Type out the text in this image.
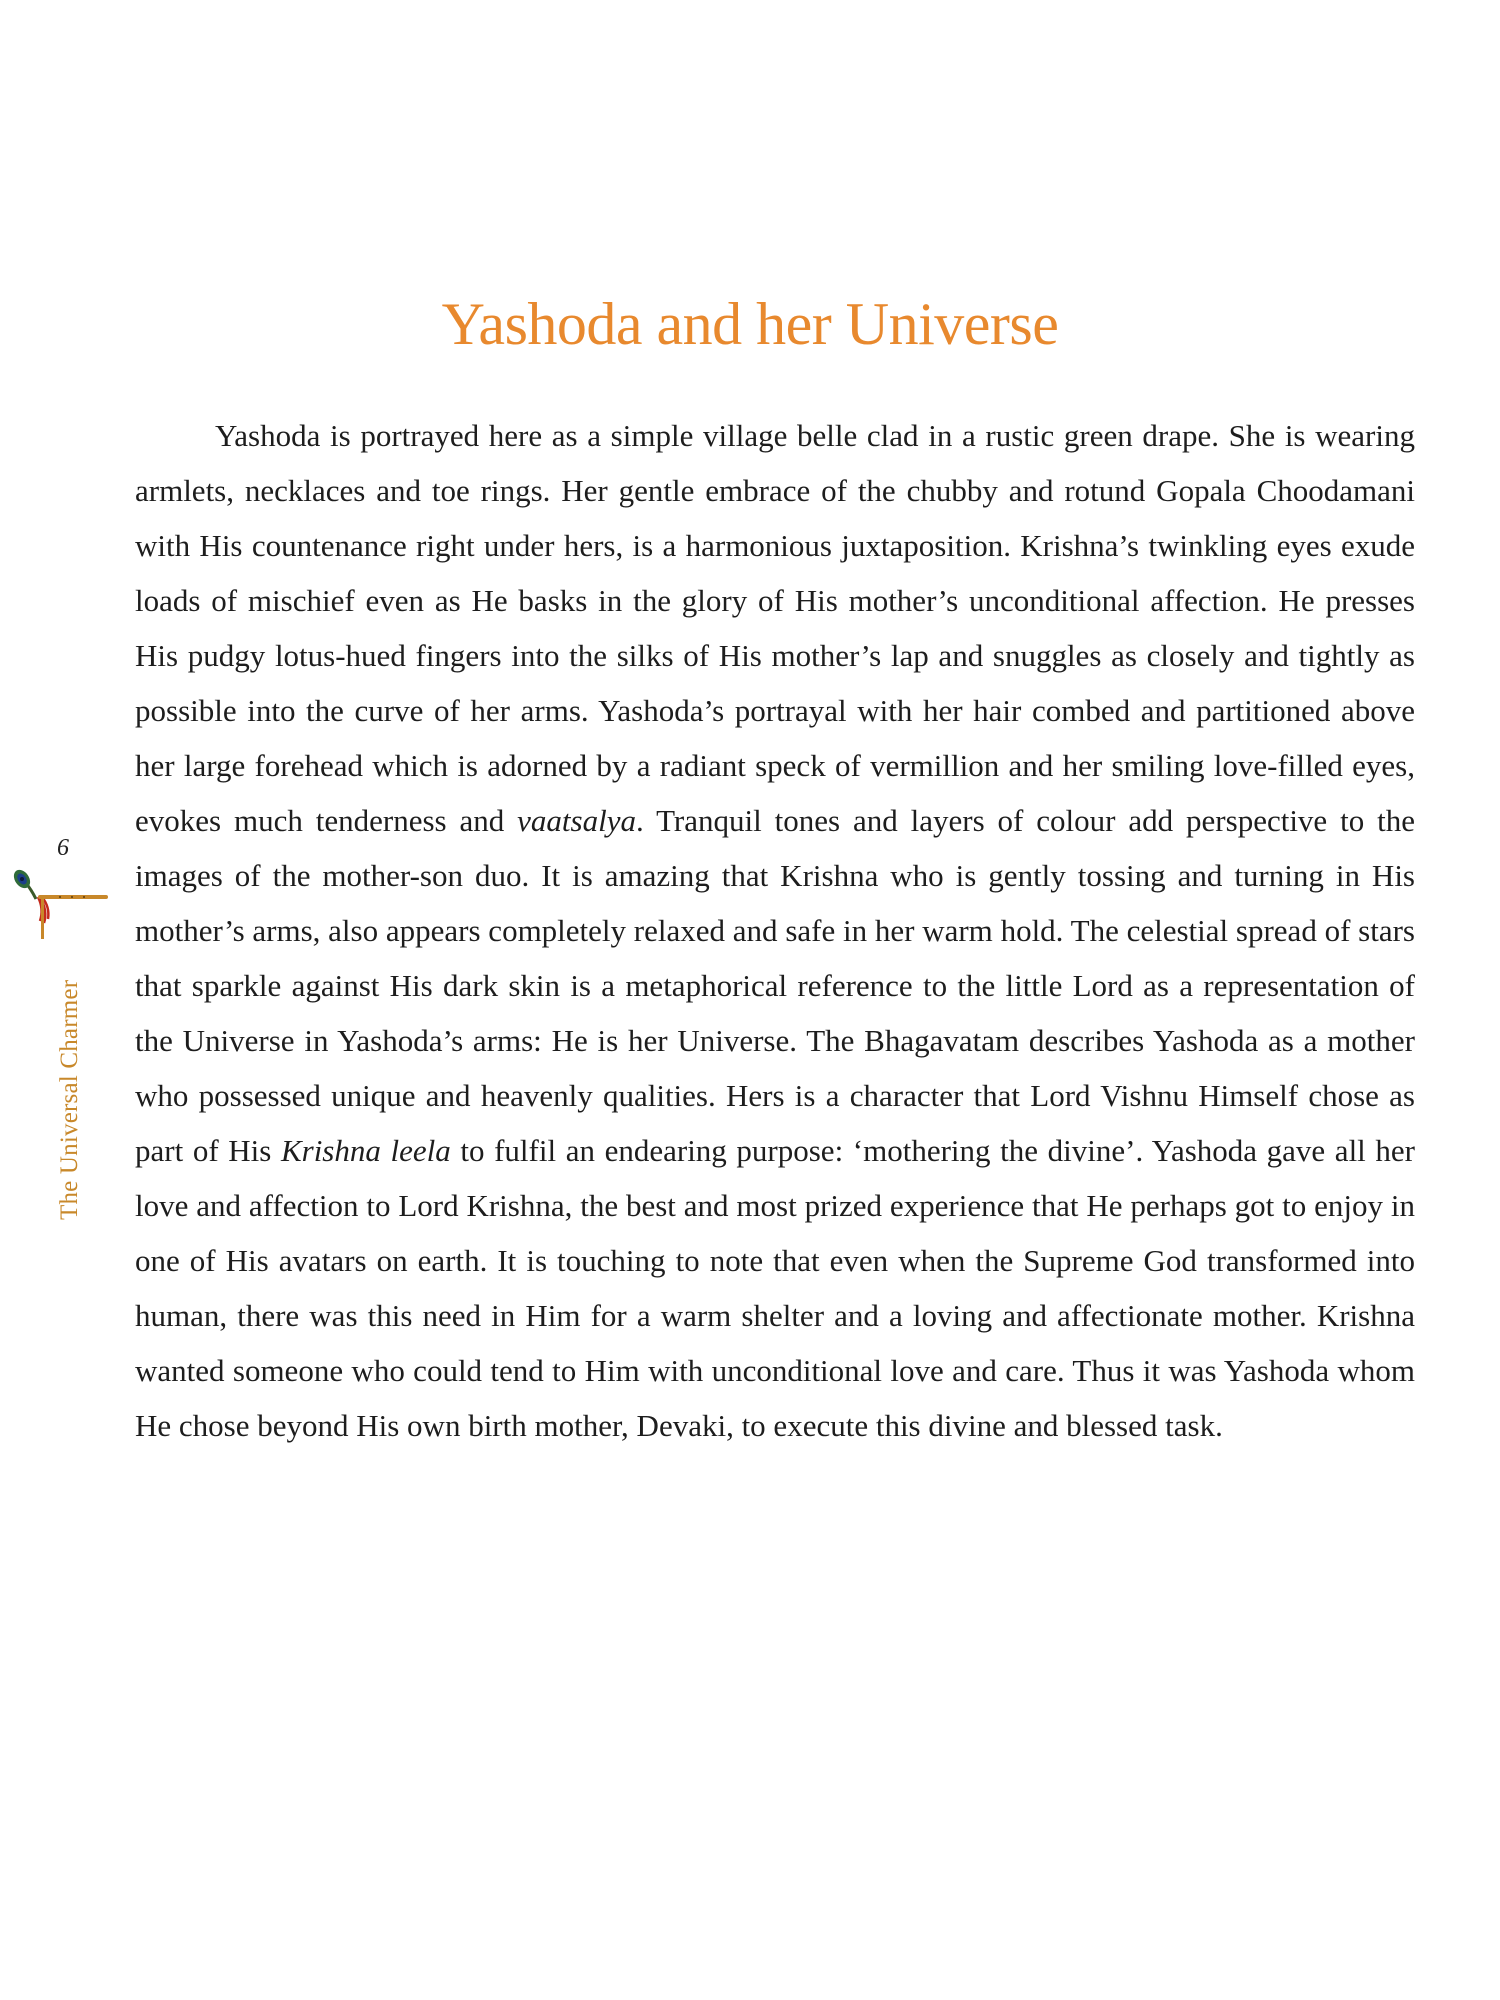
Yashoda and her Universe

Yashoda is portrayed here as a simple village belle clad in a rustic green drape. She is wearing armlets, necklaces and toe rings. Her gentle embrace of the chubby and rotund Gopala Choodamani with His countenance right under hers, is a harmonious juxtaposition. Krishna’s twinkling eyes exude loads of mischief even as He basks in the glory of His mother’s unconditional affection. He presses His pudgy lotus-hued fingers into the silks of His mother’s lap and snuggles as closely and tightly as possible into the curve of her arms. Yashoda’s portrayal with her hair combed and partitioned above her large forehead which is adorned by a radiant speck of vermillion and her smiling love-filled eyes, evokes much tenderness and vaatsalya. Tranquil tones and layers of colour add perspective to the images of the mother-son duo. It is amazing that Krishna who is gently tossing and turning in His mother’s arms, also appears completely relaxed and safe in her warm hold. The celestial spread of stars that sparkle against His dark skin is a metaphorical reference to the little Lord as a representation of the Universe in Yashoda’s arms: He is her Universe. The Bhagavatam describes Yashoda as a mother who possessed unique and heavenly qualities. Hers is a character that Lord Vishnu Himself chose as part of His Krishna leela to fulfil an endearing purpose: ‘mothering the divine’. Yashoda gave all her love and affection to Lord Krishna, the best and most prized experience that He perhaps got to enjoy in one of His avatars on earth. It is touching to note that even when the Supreme God transformed into human, there was this need in Him for a warm shelter and a loving and affectionate mother. Krishna wanted someone who could tend to Him with unconditional love and care. Thus it was Yashoda whom He chose beyond His own birth mother, Devaki, to execute this divine and blessed task.

6
The Universal Charmer
